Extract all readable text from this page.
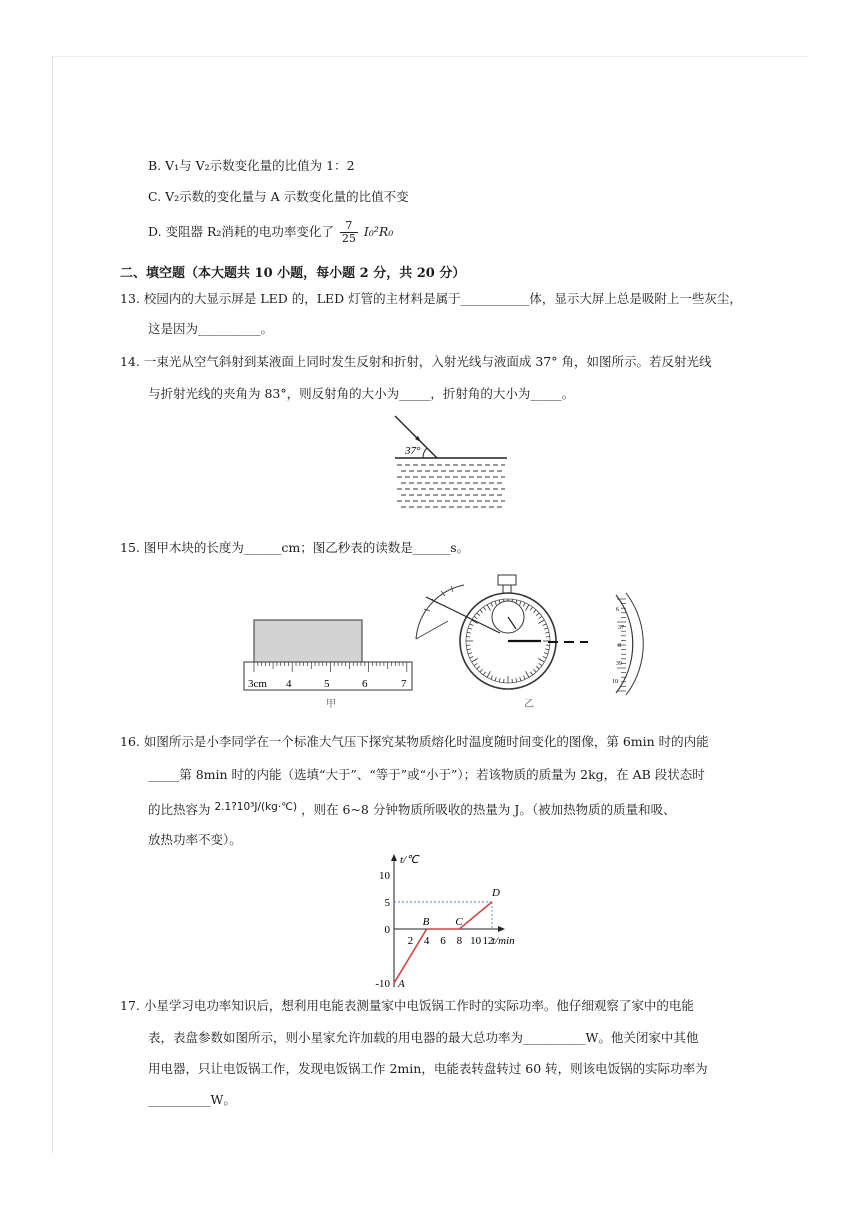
B. V₁与 V₂示数变化量的比值为 1：2
C. V₂示数的变化量与 A 示数变化量的比值不变
D. 变阻器 R₂消耗的电功率变化了 $\frac{7}{25} I_0^2R_0$
二、填空题（本大题共 10 小题，每小题 2 分，共 20 分）
13. 校园内的大显示屏是 LED 的，LED 灯管的主材料是属于___________体，显示大屏上总是吸附上一些灰尘，
这是因为__________。
14. 一束光从空气斜射到某液面上同时发生反射和折射，入射光线与液面成 37° 角，如图所示。若反射光线
与折射光线的夹角为 83°，则反射角的大小为_____，折射角的大小为_____。
37°
15. 图甲木块的长度为______cm；图乙秒表的读数是______s。
3cm 4	5	6	7
甲	乙
6
37
8
39
10
16. 如图所示是小李同学在一个标准大气压下探究某物质熔化时温度随时间变化的图像，第 6min 时的内能
_____第 8min 时的内能（选填“大于”、“等于”或“小于”）；若该物质的质量为 2kg，在 AB 段状态时
的比热容为 $^{2.1?10^3J/(kg\cdot℃)}$ ，则在 6~8 分钟物质所吸收的热量为 J。（被加热物质的质量和吸、
放热功率不变）。
t/℃
t/min
-10
0
5
10
2 4 6 8 10 12
A
B C
D
17. 小星学习电功率知识后，想利用电能表测量家中电饭锅工作时的实际功率。他仔细观察了家中的电能
表，表盘参数如图所示，则小星家允许加载的用电器的最大总功率为__________W。他关闭家中其他
用电器，只让电饭锅工作，发现电饭锅工作 2min，电能表转盘转过 60 转，则该电饭锅的实际功率为
__________W。
